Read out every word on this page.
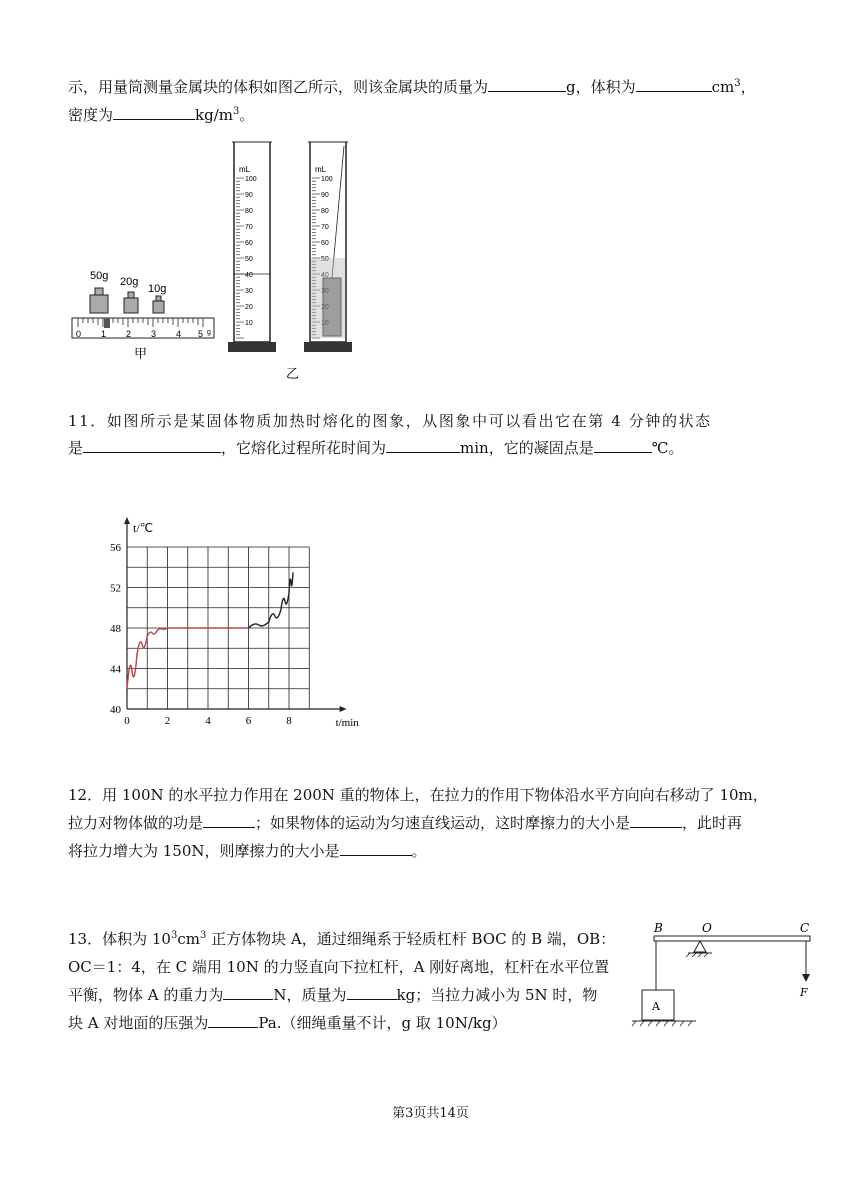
示，用量筒测量金属块的体积如图乙所示，则该金属块的质量为	g，体积为	$cm^3$，
密度为	$kg/m^3$。
50g 20g
10g
0 1 2 3 4 5 g
甲
100
90
80
70
60
50
40
30
20
10
mL
100
90
80
70
60
50
40
30
20
10
mL
乙
11．如图所示是某固体物质加热时熔化的图象，从图象中可以看出它在第 4 分钟的状态
是	，它熔化过程所花时间为	min，它的凝固点是	℃。
56
52
48
44
40
0	2	4	6	8	t/min
t/℃
12．用 100N 的水平拉力作用在 200N 重的物体上，在拉力的作用下物体沿水平方向向右移动了 10m，
拉力对物体做的功是	；如果物体的运动为匀速直线运动，这时摩擦力的大小是	，此时再
将拉力增大为 150N，则摩擦力的大小是	。
13．体积为 $10^3cm^3$ 正方体物块 A，通过细绳系于轻质杠杆 BOC 的 B 端，OB：
OC＝1：4，在 C 端用 10N 的力竖直向下拉杠杆，A 刚好离地，杠杆在水平位置
平衡，物体 A 的重力为	N，质量为	kg；当拉力减小为 5N 时，物
块 A 对地面的压强为	Pa.（细绳重量不计，g 取 10N/kg）
B	O	C
A
F
第3页共14页
